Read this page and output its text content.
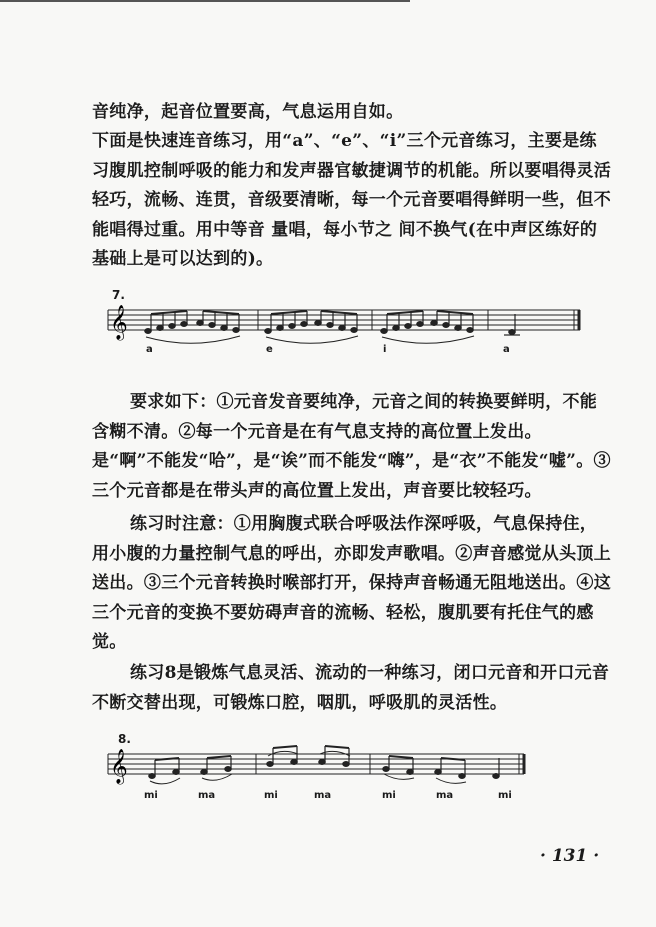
音纯净，起音位置要高，气息运用自如。

下面是快速连音练习，用“a”、“e”、“i”三个元音练习，主要是练习腹肌控制呼吸的能力和发声器官敏捷调节的机能。所以要唱得灵活轻巧，流畅、连贯，音级要清晰，每一个元音要唱得鲜明一些，但不能唱得过重。用中等音 量唱，每小节之 间不换气(在中声区练好的基础上是可以达到的)。

7.
𝄞
a	e	i	a

要求如下：①元音发音要纯净，元音之间的转换要鲜明，不能含糊不清。②每一个元音是在有气息支持的高位置上发出。是“啊”不能发“哈”，是“诶”而不能发“嗨”，是“衣”不能发“嘘”。③三个元音都是在带头声的高位置上发出，声音要比较轻巧。

练习时注意：①用胸腹式联合呼吸法作深呼吸，气息保持住，用小腹的力量控制气息的呼出，亦即发声歌唱。②声音感觉从头顶上送出。③三个元音转换时喉部打开，保持声音畅通无阻地送出。④这三个元音的变换不要妨碍声音的流畅、轻松，腹肌要有托住气的感觉。

练习8是锻炼气息灵活、流动的一种练习，闭口元音和开口元音不断交替出现，可锻炼口腔，咽肌，呼吸肌的灵活性。

8.
𝄞
mi	ma	mi	ma	mi	ma	mi
· 131 ·
